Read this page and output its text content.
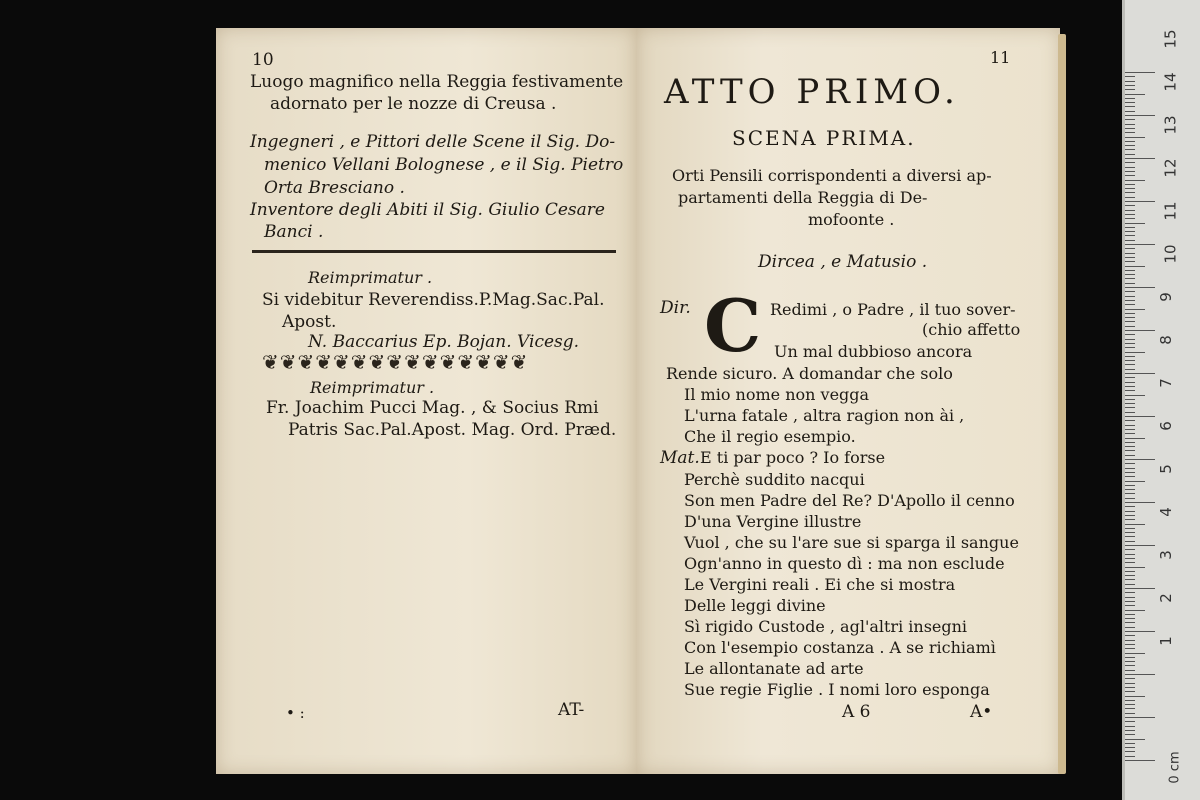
15
14
13
12
11
10
9
8
7
6
5
4
3
2
1
0 cm
10
Luogo magnifico nella Reggia festivamente
adornato per le nozze di Creusa .
Ingegneri , e Pittori delle Scene il Sig. Do-
menico Vellani Bolognese , e il Sig. Pietro
Orta Bresciano .
Inventore degli Abiti il Sig. Giulio Cesare
Banci .
Reimprimatur .
Si videbitur Reverendiss.P.Mag.Sac.Pal.
Apost.
N. Baccarius Ep. Bojan. Vicesg.
❦❦❦❦❦❦❦❦❦❦❦❦❦❦❦
Reimprimatur .
Fr. Joachim Pucci Mag. , & Socius Rmi
Patris Sac.Pal.Apost. Mag. Ord. Præd.
• :	AT-
11
ATTO PRIMO.
SCENA PRIMA.
Orti Pensili corrispondenti a diversi ap-
partamenti della Reggia di De-
mofoonte .
Dircea , e Matusio .
Dir. C Redimi , o Padre , il tuo sover-
(chio affetto
Un mal dubbioso ancora
Rende sicuro. A domandar che solo
Il mio nome non vegga
L'urna fatale , altra ragion non ài ,
Che il regio esempio.
Mat. E ti par poco ? Io forse
Perchè suddito nacqui
Son men Padre del Re? D'Apollo il cenno
D'una Vergine illustre
Vuol , che su l'are sue si sparga il sangue
Ogn'anno in questo dì : ma non esclude
Le Vergini reali . Ei che si mostra
Delle leggi divine
Sì rigido Custode , agl'altri insegni
Con l'esempio costanza . A se richiamì
Le allontanate ad arte
Sue regie Figlie . I nomi loro esponga
A 6	A•
